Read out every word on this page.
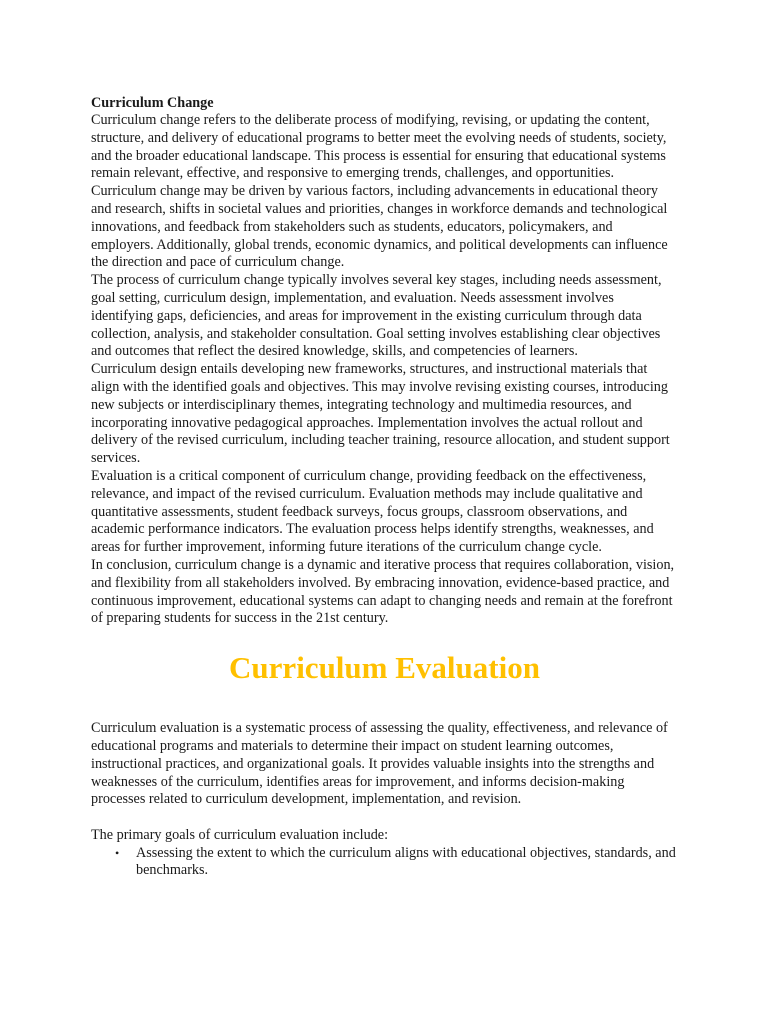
Curriculum Change

Curriculum change refers to the deliberate process of modifying, revising, or updating the content, structure, and delivery of educational programs to better meet the evolving needs of students, society, and the broader educational landscape. This process is essential for ensuring that educational systems remain relevant, effective, and responsive to emerging trends, challenges, and opportunities.

Curriculum change may be driven by various factors, including advancements in educational theory and research, shifts in societal values and priorities, changes in workforce demands and technological innovations, and feedback from stakeholders such as students, educators, policymakers, and employers. Additionally, global trends, economic dynamics, and political developments can influence the direction and pace of curriculum change.

The process of curriculum change typically involves several key stages, including needs assessment, goal setting, curriculum design, implementation, and evaluation. Needs assessment involves identifying gaps, deficiencies, and areas for improvement in the existing curriculum through data collection, analysis, and stakeholder consultation. Goal setting involves establishing clear objectives and outcomes that reflect the desired knowledge, skills, and competencies of learners.

Curriculum design entails developing new frameworks, structures, and instructional materials that align with the identified goals and objectives. This may involve revising existing courses, introducing new subjects or interdisciplinary themes, integrating technology and multimedia resources, and incorporating innovative pedagogical approaches. Implementation involves the actual rollout and delivery of the revised curriculum, including teacher training, resource allocation, and student support services.

Evaluation is a critical component of curriculum change, providing feedback on the effectiveness, relevance, and impact of the revised curriculum. Evaluation methods may include qualitative and quantitative assessments, student feedback surveys, focus groups, classroom observations, and academic performance indicators. The evaluation process helps identify strengths, weaknesses, and areas for further improvement, informing future iterations of the curriculum change cycle.

In conclusion, curriculum change is a dynamic and iterative process that requires collaboration, vision, and flexibility from all stakeholders involved. By embracing innovation, evidence-based practice, and continuous improvement, educational systems can adapt to changing needs and remain at the forefront of preparing students for success in the 21st century.

Curriculum Evaluation

Curriculum evaluation is a systematic process of assessing the quality, effectiveness, and relevance of educational programs and materials to determine their impact on student learning outcomes, instructional practices, and organizational goals. It provides valuable insights into the strengths and weaknesses of the curriculum, identifies areas for improvement, and informs decision-making processes related to curriculum development, implementation, and revision.

The primary goals of curriculum evaluation include:

• Assessing the extent to which the curriculum aligns with educational objectives, standards, and benchmarks.
